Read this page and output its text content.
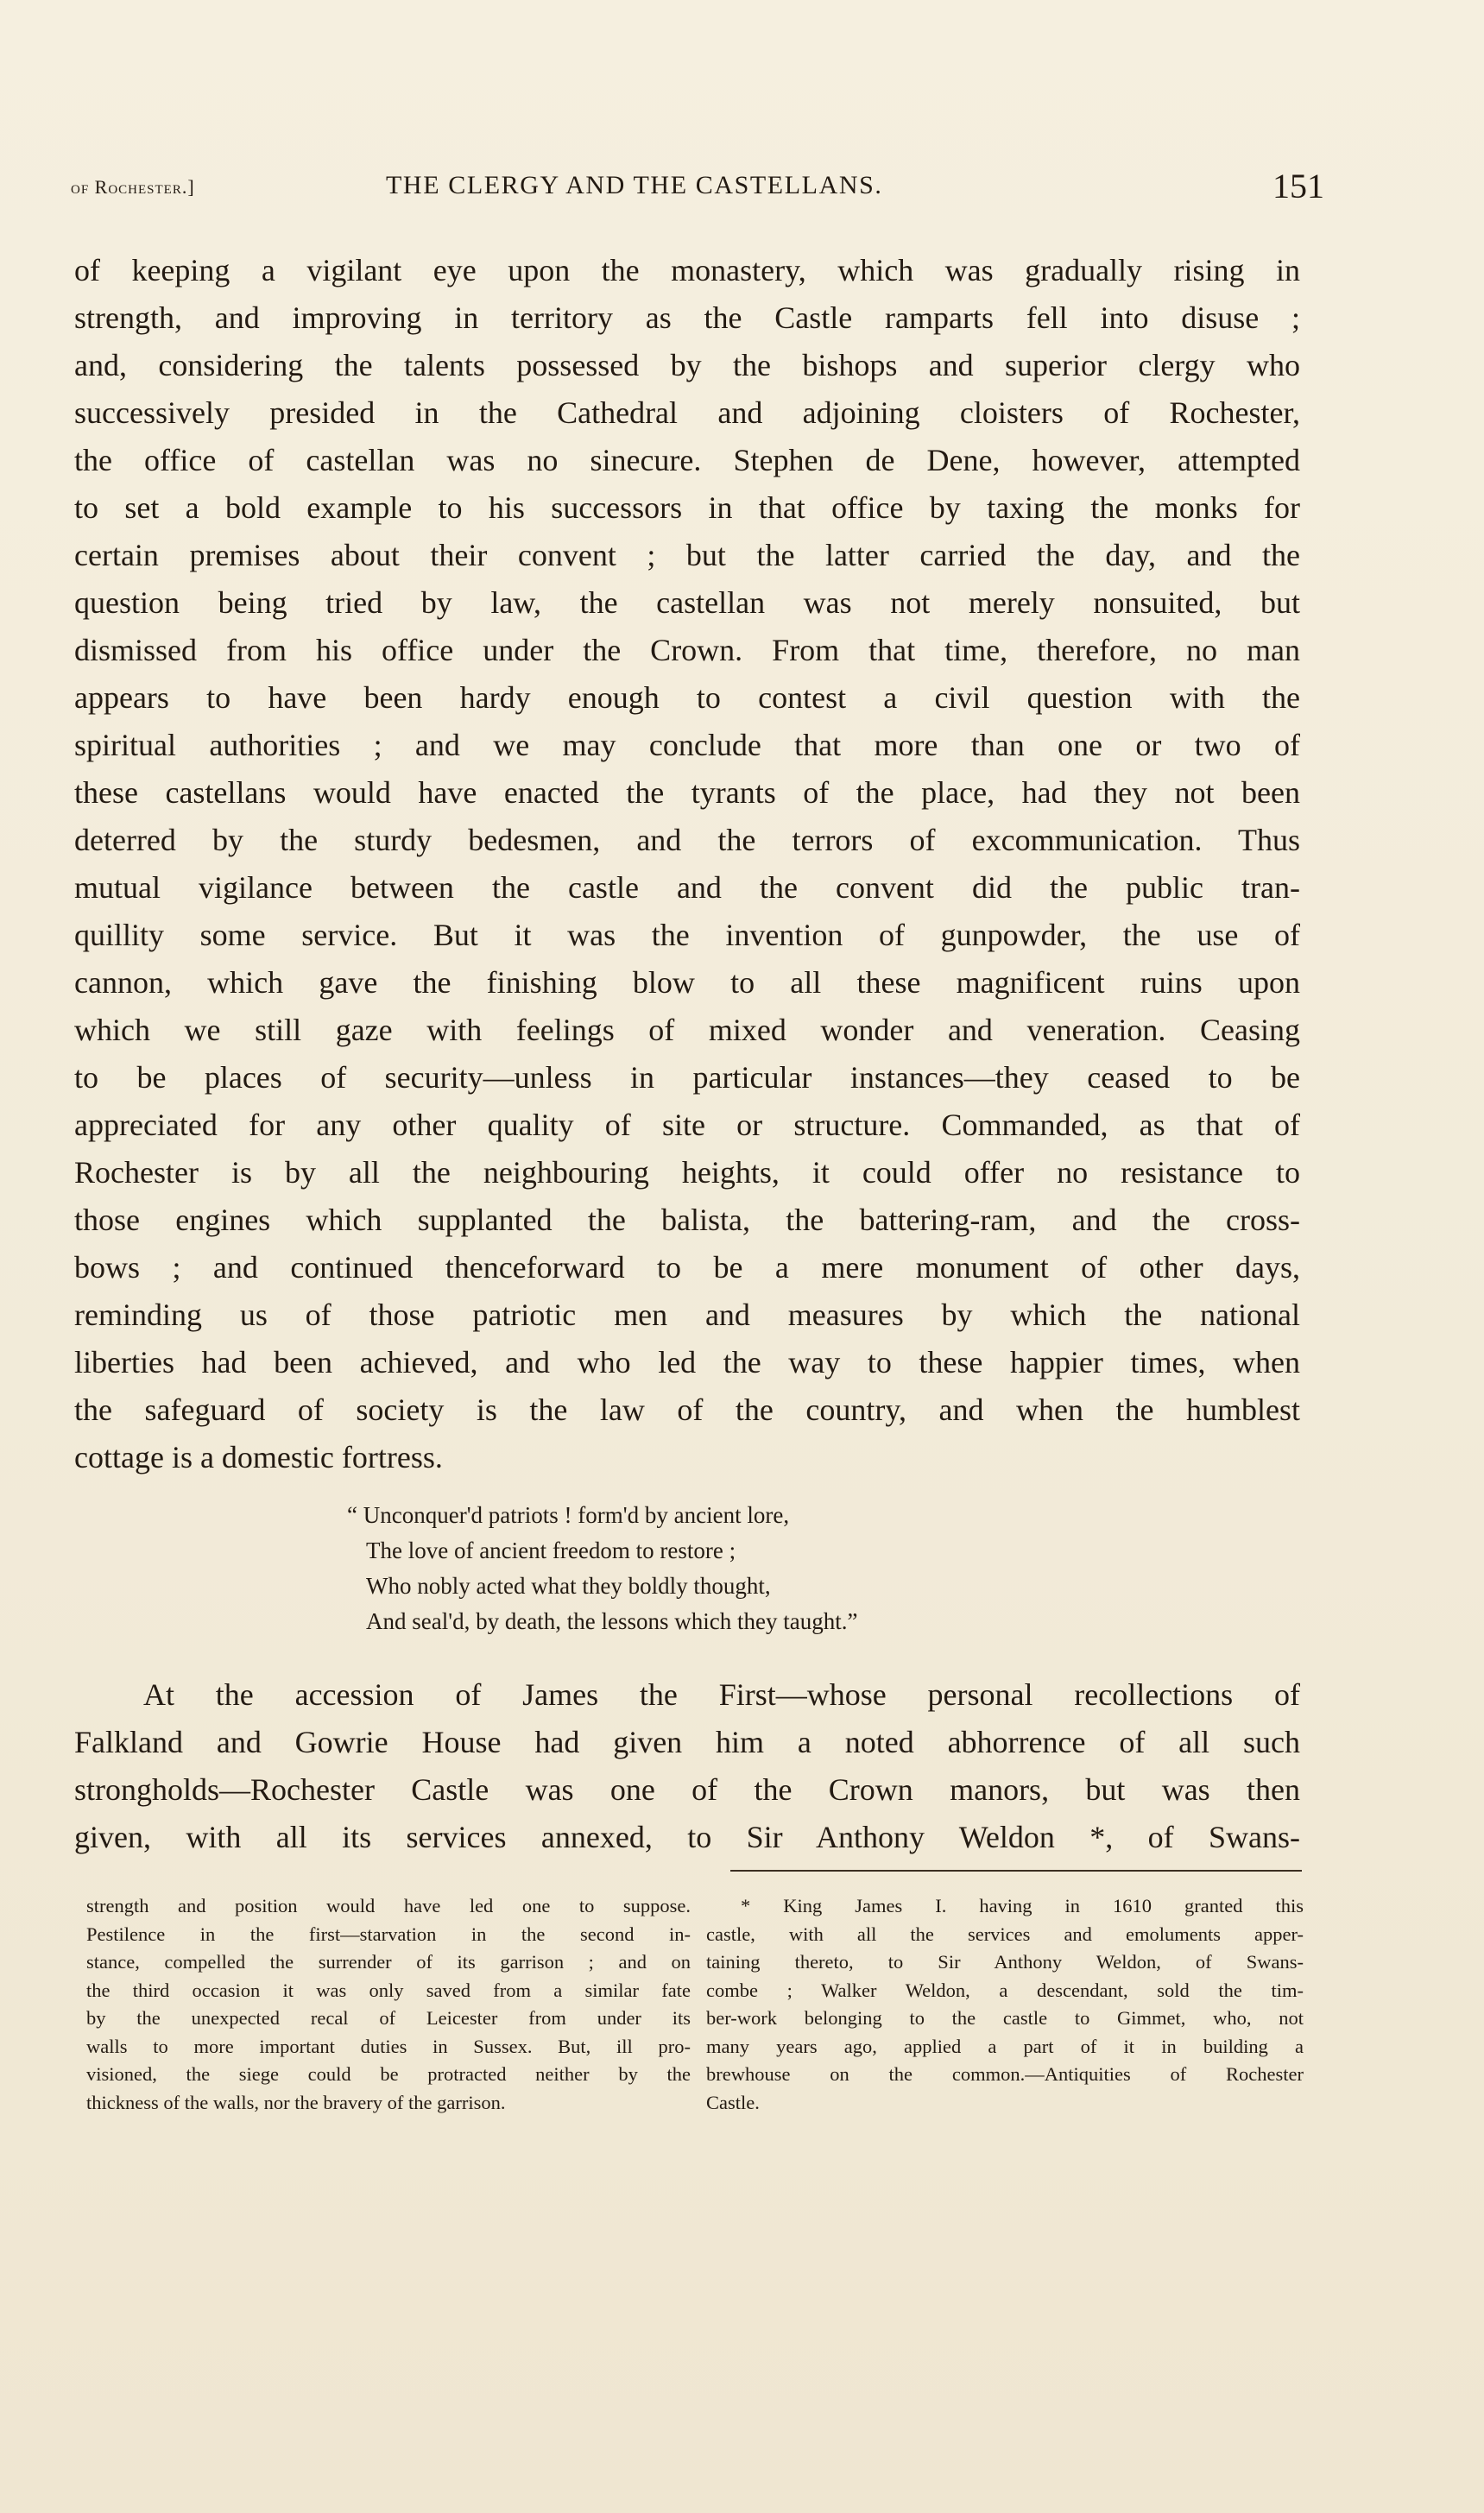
of Rochester.]	THE CLERGY AND THE CASTELLANS.	151
of keeping a vigilant eye upon the monastery, which was gradually rising in
strength, and improving in territory as the Castle ramparts fell into disuse ;
and, considering the talents possessed by the bishops and superior clergy who
successively presided in the Cathedral and adjoining cloisters of Rochester,
the office of castellan was no sinecure. Stephen de Dene, however, attempted
to set a bold example to his successors in that office by taxing the monks for
certain premises about their convent ; but the latter carried the day, and the
question being tried by law, the castellan was not merely nonsuited, but
dismissed from his office under the Crown. From that time, therefore, no man
appears to have been hardy enough to contest a civil question with the
spiritual authorities ; and we may conclude that more than one or two of
these castellans would have enacted the tyrants of the place, had they not been
deterred by the sturdy bedesmen, and the terrors of excommunication. Thus
mutual vigilance between the castle and the convent did the public tran-
quillity some service. But it was the invention of gunpowder, the use of
cannon, which gave the finishing blow to all these magnificent ruins upon
which we still gaze with feelings of mixed wonder and veneration. Ceasing
to be places of security—unless in particular instances—they ceased to be
appreciated for any other quality of site or structure. Commanded, as that of
Rochester is by all the neighbouring heights, it could offer no resistance to
those engines which supplanted the balista, the battering-ram, and the cross-
bows ; and continued thenceforward to be a mere monument of other days,
reminding us of those patriotic men and measures by which the national
liberties had been achieved, and who led the way to these happier times, when
the safeguard of society is the law of the country, and when the humblest
cottage is a domestic fortress.
“ Unconquer'd patriots ! form'd by ancient lore,
The love of ancient freedom to restore ;
Who nobly acted what they boldly thought,
And seal'd, by death, the lessons which they taught.”
At the accession of James the First—whose personal recollections of
Falkland and Gowrie House had given him a noted abhorrence of all such
strongholds—Rochester Castle was one of the Crown manors, but was then
given, with all its services annexed, to Sir Anthony Weldon *, of Swans-
strength and position would have led one to suppose.
Pestilence in the first—starvation in the second in-
stance, compelled the surrender of its garrison ; and on
the third occasion it was only saved from a similar fate
by the unexpected recal of Leicester from under its
walls to more important duties in Sussex. But, ill pro-
visioned, the siege could be protracted neither by the
thickness of the walls, nor the bravery of the garrison.
* King James I. having in 1610 granted this
castle, with all the services and emoluments apper-
taining thereto, to Sir Anthony Weldon, of Swans-
combe ; Walker Weldon, a descendant, sold the tim-
ber-work belonging to the castle to Gimmet, who, not
many years ago, applied a part of it in building a
brewhouse on the common.—Antiquities of Rochester
Castle.
